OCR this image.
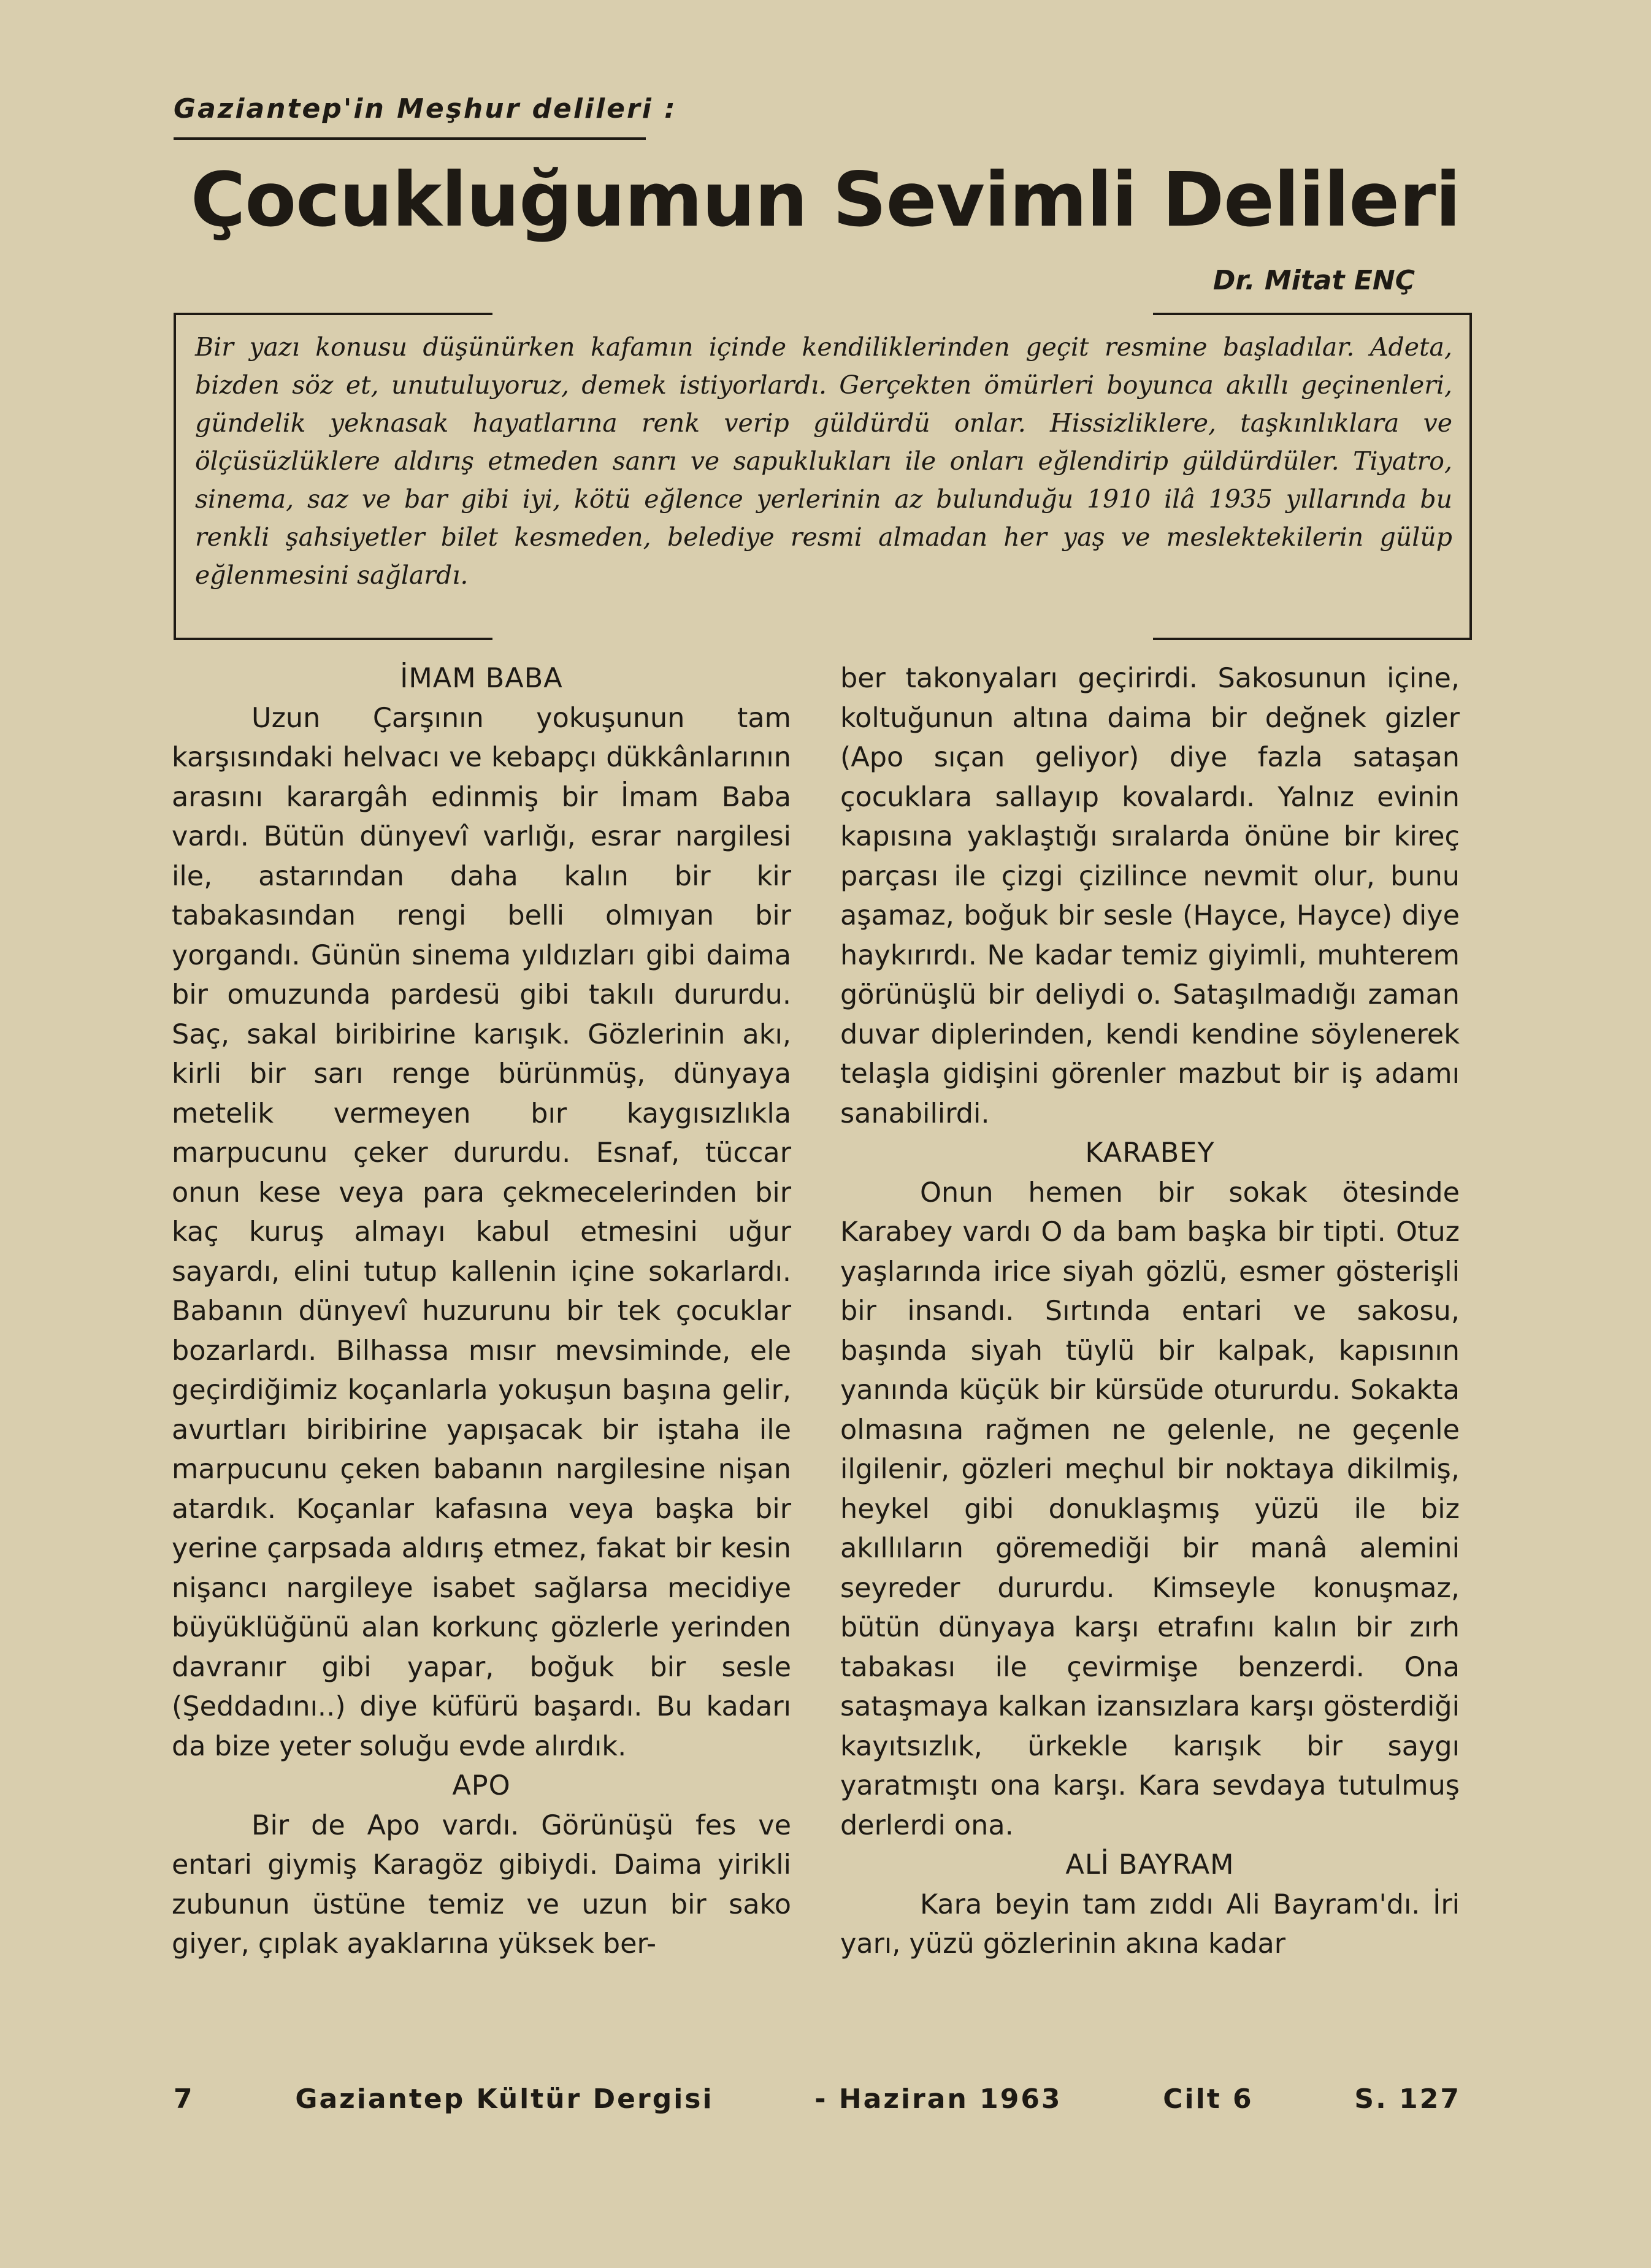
Gaziantep'in Meşhur delileri :

Çocukluğumun Sevimli Delileri

Dr. Mitat ENÇ

Bir yazı konusu düşünürken kafamın içinde kendiliklerinden geçit resmine başladılar. Adeta, bizden söz et, unutuluyoruz, demek istiyorlardı. Gerçekten ömürleri boyunca akıllı geçinenleri, gündelik yeknasak hayatlarına renk verip güldürdü onlar. Hissizliklere, taşkınlıklara ve ölçüsüzlüklere aldırış etmeden sanrı ve sapuklukları ile onları eğlendirip güldürdüler. Tiyatro, sinema, saz ve bar gibi iyi, kötü eğlence yerlerinin az bulunduğu 1910 ilâ 1935 yıllarında bu renkli şahsiyetler bilet kesmeden, belediye resmi almadan her yaş ve meslektekilerin gülüp eğlenmesini sağlardı.

İMAM BABA

Uzun Çarşının yokuşunun tam karşısındaki helvacı ve kebapçı dükkânlarının arasını karargâh edinmiş bir İmam Baba vardı. Bütün dünyevî varlığı, esrar nargilesi ile, astarından daha kalın bir kir tabakasından rengi belli olmıyan bir yorgandı. Günün sinema yıldızları gibi daima bir omuzunda pardesü gibi takılı dururdu. Saç, sakal biribirine karışık. Gözlerinin akı, kirli bir sarı renge bürünmüş, dünyaya metelik vermeyen bır kaygısızlıkla marpucunu çeker dururdu. Esnaf, tüccar onun kese veya para çekmecelerinden bir kaç kuruş almayı kabul etmesini uğur sayardı, elini tutup kallenin içine sokarlardı. Babanın dünyevî huzurunu bir tek çocuklar bozarlardı. Bilhassa mısır mevsiminde, ele geçirdiğimiz koçanlarla yokuşun başına gelir, avurtları biribirine yapışacak bir iştaha ile marpucunu çeken babanın nargilesine nişan atardık. Koçanlar kafasına veya başka bir yerine çarpsada aldırış etmez, fakat bir kesin nişancı nargileye isabet sağlarsa mecidiye büyüklüğünü alan korkunç gözlerle yerinden davranır gibi yapar, boğuk bir sesle (Şeddadını..) diye küfürü başardı. Bu kadarı da bize yeter soluğu evde alırdık.

APO

Bir de Apo vardı. Görünüşü fes ve entari giymiş Karagöz gibiydi. Daima yirikli zubunun üstüne temiz ve uzun bir sako giyer, çıplak ayaklarına yüksek ber-

ber takonyaları geçirirdi. Sakosunun içine, koltuğunun altına daima bir değnek gizler (Apo sıçan geliyor) diye fazla sataşan çocuklara sallayıp kovalardı. Yalnız evinin kapısına yaklaştığı sıralarda önüne bir kireç parçası ile çizgi çizilince nevmit olur, bunu aşamaz, boğuk bir sesle (Hayce, Hayce) diye haykırırdı. Ne kadar temiz giyimli, muhterem görünüşlü bir deliydi o. Sataşılmadığı zaman duvar diplerinden, kendi kendine söylenerek telaşla gidişini görenler mazbut bir iş adamı sanabilirdi.

KARABEY

Onun hemen bir sokak ötesinde Karabey vardı O da bam başka bir tipti. Otuz yaşlarında irice siyah gözlü, esmer gösterişli bir insandı. Sırtında entari ve sakosu, başında siyah tüylü bir kalpak, kapısının yanında küçük bir kürsüde otururdu. Sokakta olmasına rağmen ne gelenle, ne geçenle ilgilenir, gözleri meçhul bir noktaya dikilmiş, heykel gibi donuklaşmış yüzü ile biz akıllıların göremediği bir manâ alemini seyreder dururdu. Kimseyle konuşmaz, bütün dünyaya karşı etrafını kalın bir zırh tabakası ile çevirmişe benzerdi. Ona sataşmaya kalkan izansızlara karşı gösterdiği kayıtsızlık, ürkekle karışık bir saygı yaratmıştı ona karşı. Kara sevdaya tutulmuş derlerdi ona.

ALİ BAYRAM

Kara beyin tam zıddı Ali Bayram'dı. İri yarı, yüzü gözlerinin akına kadar

7	Gaziantep Kültür Dergisi	- Haziran 1963	Cilt 6	S. 127
